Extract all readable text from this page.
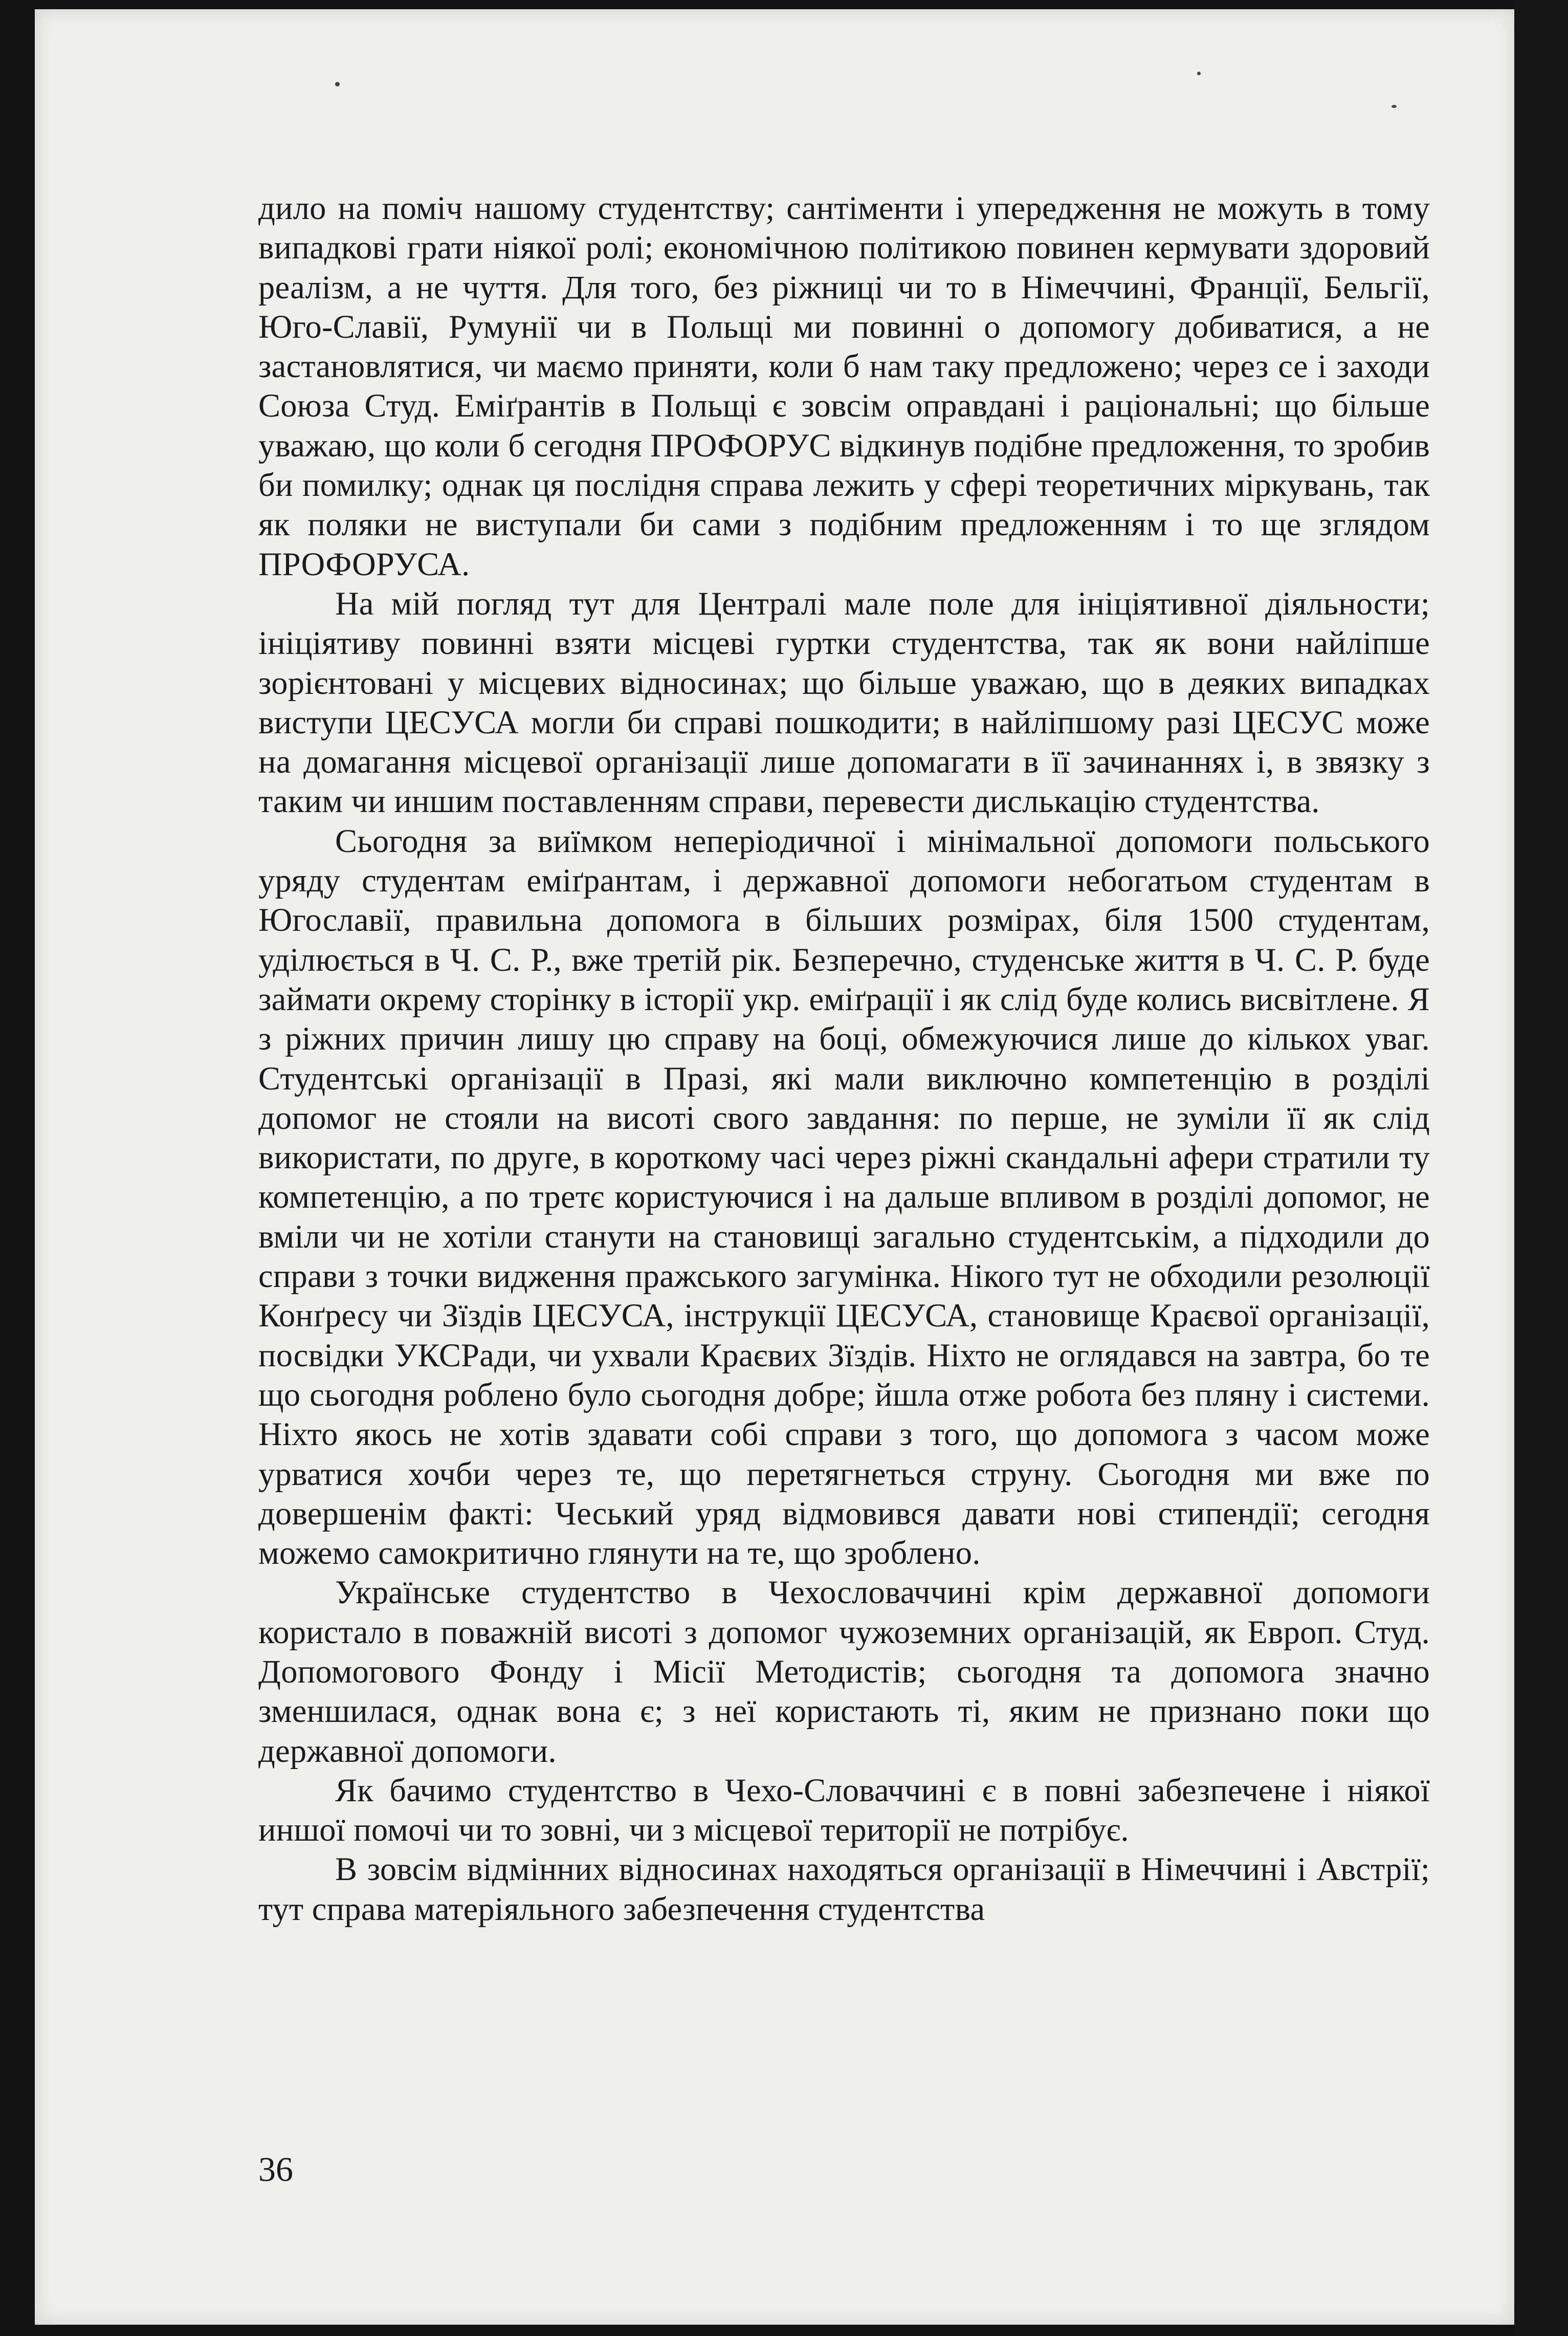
дило на поміч нашому студентству; сантіменти і упередження не можуть в тому випадкові грати ніякої ролі; економічною політикою повинен кермувати здоровий реалізм, а не чуття. Для того, без ріжниці чи то в Німеччині, Франції, Бельгії, Юго-Славії, Румунії чи в Польщі ми повинні о допомогу добиватися, а не застановлятися, чи маємо приняти, коли б нам таку предложено; через се і заходи Союза Студ. Еміґрантів в Польщі є зовсім оправдані і раціональні; що більше уважаю, що коли б сегодня ПРОФОРУС відкинув подібне предложення, то зробив би помилку; однак ця послідня справа лежить у сфері теоретичних міркувань, так як поляки не виступали би сами з подібним предложенням і то ще зглядом ПРОФОРУСА.

На мій погляд тут для Централі мале поле для ініціятивної діяльности; ініціятиву повинні взяти місцеві гуртки студентства, так як вони найліпше зорієнтовані у місцевих відносинах; що більше уважаю, що в деяких випадках виступи ЦЕСУСА могли би справі пошкодити; в найліпшому разі ЦЕСУС може на домагання місцевої організації лише допомагати в її зачинаннях і, в звязку з таким чи иншим поставленням справи, перевести дислькацію студентства.

Сьогодня за виїмком неперіодичної і мінімальної допомоги польського уряду студентам еміґрантам, і державної допомоги небогатьом студентам в Югославії, правильна допомога в більших розмірах, біля 1500 студентам, уділюється в Ч. С. Р., вже третій рік. Безперечно, студенське життя в Ч. С. Р. буде займати окрему сторінку в історії укр. еміґрації і як слід буде колись висвітлене. Я з ріжних причин лишу цю справу на боці, обмежуючися лише до кількох уваг. Студентські організації в Празі, які мали виключно компетенцію в розділі допомог не стояли на висоті свого завдання: по перше, не зуміли її як слід використати, по друге, в короткому часі через ріжні скандальні афери стратили ту компетенцію, а по третє користуючися і на дальше впливом в розділі допомог, не вміли чи не хотіли станути на становищі загально студентськім, а підходили до справи з точки видження пражського загумінка. Нікого тут не обходили резолюції Конґресу чи Зїздів ЦЕСУСА, інструкції ЦЕСУСА, становище Краєвої організації, посвідки УКСРади, чи ухвали Краєвих Зїздів. Ніхто не оглядався на завтра, бо те що сьогодня роблено було сьогодня добре; йшла отже робота без пляну і системи. Ніхто якось не хотів здавати собі справи з того, що допомога з часом може урватися хочби через те, що перетягнеться струну. Сьогодня ми вже по довершенім факті: Чеський уряд відмовився давати нові стипендії; сегодня можемо самокритично глянути на те, що зроблено.

Українське студентство в Чехословаччині крім державної допомоги користало в поважній висоті з допомог чужоземних організацій, як Европ. Студ. Допомогового Фонду і Місії Методистів; сьогодня та допомога значно зменшилася, однак вона є; з неї користають ті, яким не признано поки що державної допомоги.

Як бачимо студентство в Чехо-Словаччині є в повні забезпечене і ніякої иншої помочі чи то зовні, чи з місцевої території не потрібує.

В зовсім відмінних відносинах находяться організації в Німеччині і Австрії; тут справа матеріяльного забезпечення студентства

36
